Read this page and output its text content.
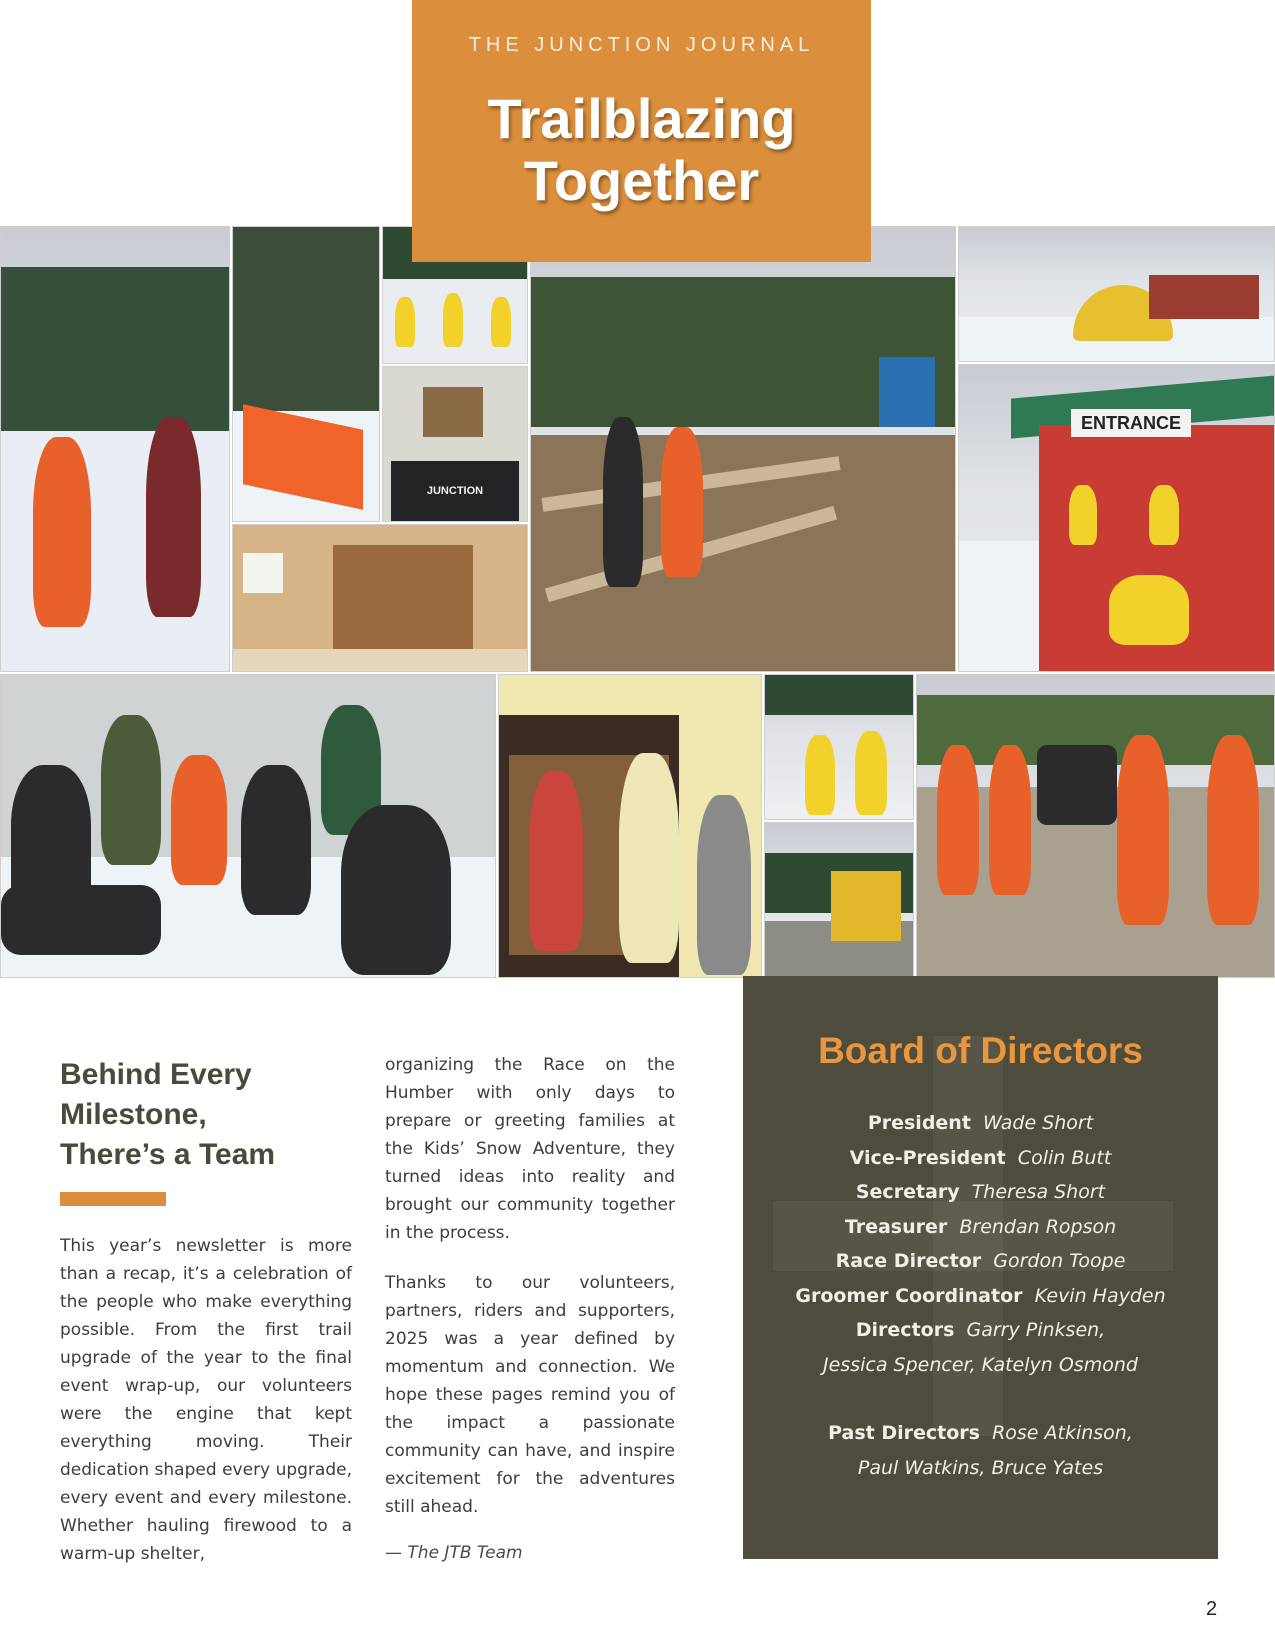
THE JUNCTION JOURNAL
Trailblazing
Together
JUNCTION
ENTRANCE
Behind Every
Milestone,
There’s a Team
This year’s newsletter is more than a recap, it’s a celebration of the people who make everything possible. From the first trail upgrade of the year to the final event wrap-up, our volunteers were the engine that kept everything moving. Their dedication shaped every upgrade, every event and every milestone. Whether hauling firewood to a warm-up shelter,

organizing the Race on the Humber with only days to prepare or greeting families at the Kids’ Snow Adventure, they turned ideas into reality and brought our community together in the process.

Thanks to our volunteers, partners, riders and supporters, 2025 was a year defined by momentum and connection. We hope these pages remind you of the impact a passionate community can have, and inspire excitement for the adventures still ahead.

— The JTB Team
Board of Directors
President Wade Short
Vice-President Colin Butt
Secretary Theresa Short
Treasurer Brendan Ropson
Race Director Gordon Toope
Groomer Coordinator Kevin Hayden
Directors Garry Pinksen,
Jessica Spencer, Katelyn Osmond
Past Directors Rose Atkinson,
Paul Watkins, Bruce Yates
2
